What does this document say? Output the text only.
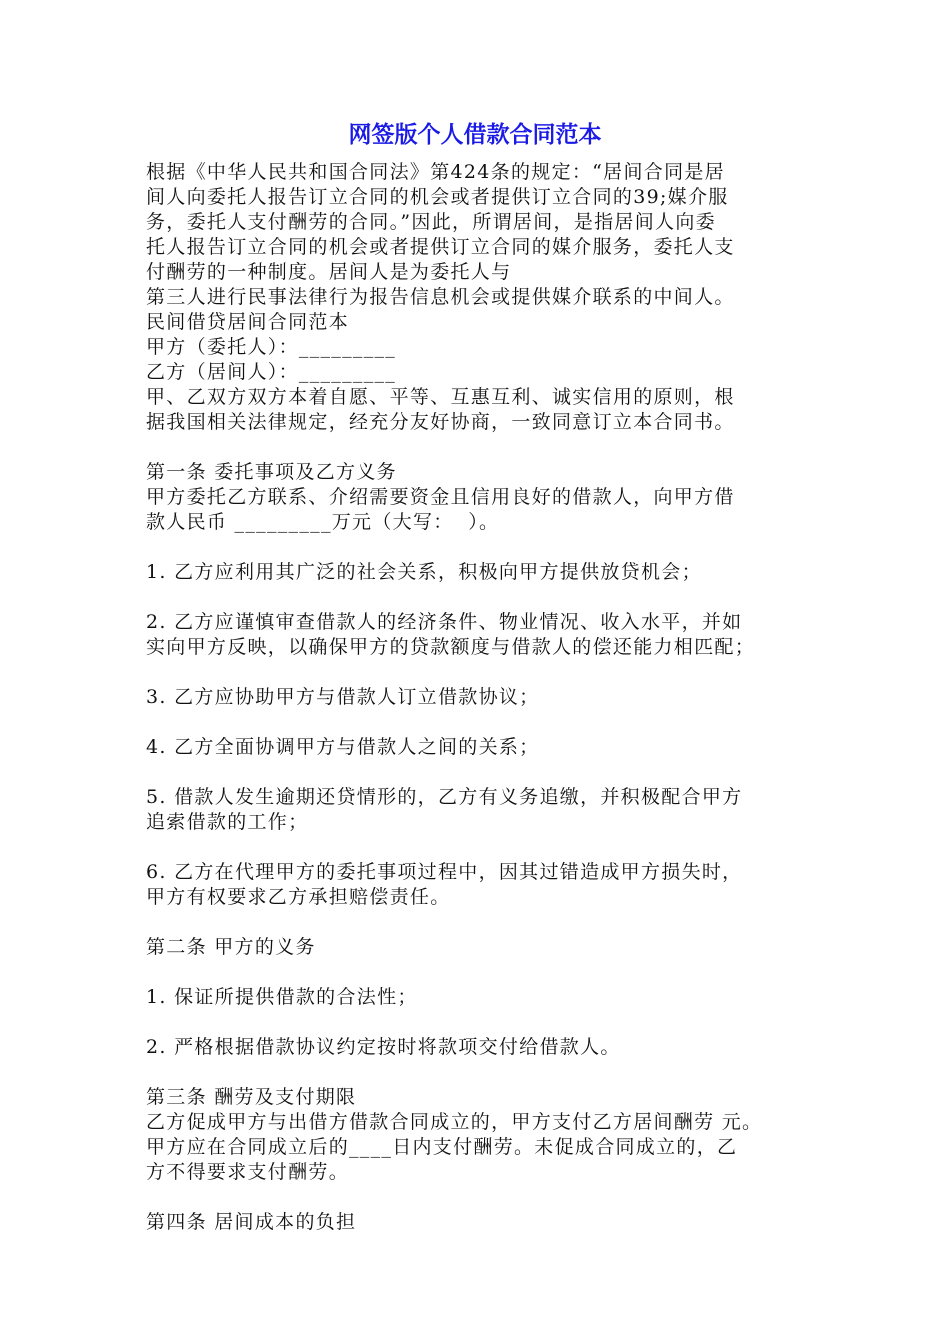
网签版个人借款合同范本

根据《中华人民共和国合同法》第424条的规定：“居间合同是居

间人向委托人报告订立合同的机会或者提供订立合同的39;媒介服

务，委托人支付酬劳的合同。”因此，所谓居间，是指居间人向委

托人报告订立合同的机会或者提供订立合同的媒介服务，委托人支

付酬劳的一种制度。居间人是为委托人与

第三人进行民事法律行为报告信息机会或提供媒介联系的中间人。

民间借贷居间合同范本

甲方（委托人）：_________

乙方（居间人）：_________

甲、乙双方双方本着自愿、平等、互惠互利、诚实信用的原则，根

据我国相关法律规定，经充分友好协商，一致同意订立本合同书。

第一条 委托事项及乙方义务

甲方委托乙方联系、介绍需要资金且信用良好的借款人，向甲方借

款人民币 _________万元（大写：  ）。

1. 乙方应利用其广泛的社会关系，积极向甲方提供放贷机会；

2. 乙方应谨慎审查借款人的经济条件、物业情况、收入水平，并如

实向甲方反映，以确保甲方的贷款额度与借款人的偿还能力相匹配；

3. 乙方应协助甲方与借款人订立借款协议；

4. 乙方全面协调甲方与借款人之间的关系；

5. 借款人发生逾期还贷情形的，乙方有义务追缴，并积极配合甲方

追索借款的工作；

6. 乙方在代理甲方的委托事项过程中，因其过错造成甲方损失时，

甲方有权要求乙方承担赔偿责任。

第二条 甲方的义务

1. 保证所提供借款的合法性；

2. 严格根据借款协议约定按时将款项交付给借款人。

第三条 酬劳及支付期限

乙方促成甲方与出借方借款合同成立的，甲方支付乙方居间酬劳 元。

甲方应在合同成立后的____日内支付酬劳。未促成合同成立的，乙

方不得要求支付酬劳。

第四条 居间成本的负担
